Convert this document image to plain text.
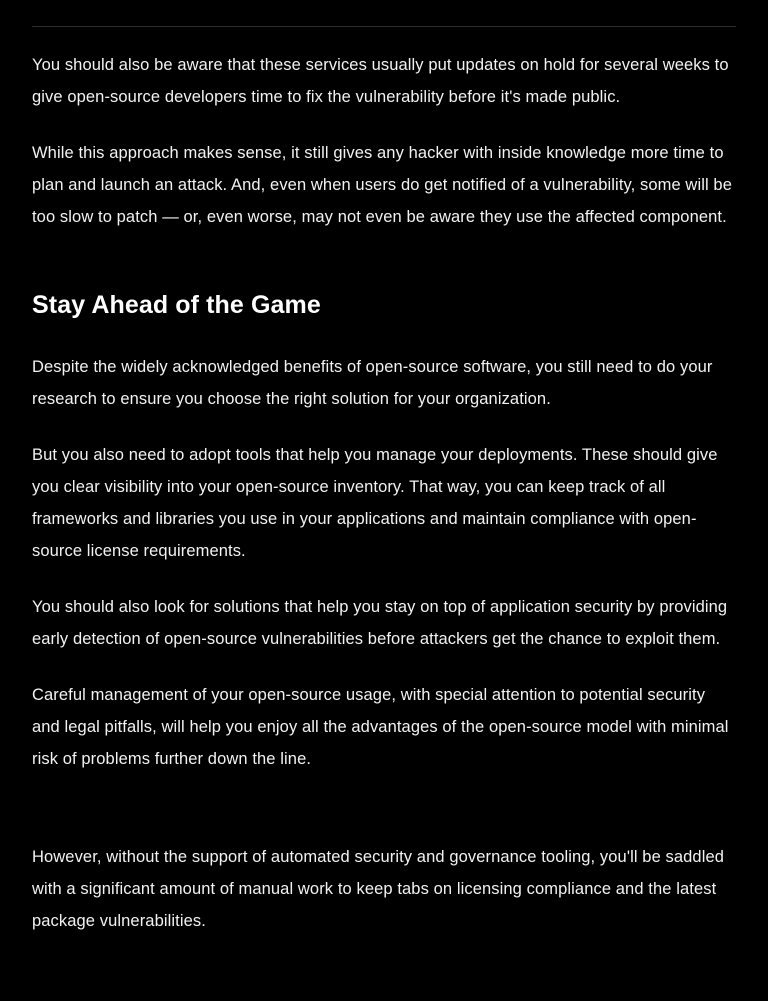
You should also be aware that these services usually put updates on hold for several weeks to give open-source developers time to fix the vulnerability before it's made public.

While this approach makes sense, it still gives any hacker with inside knowledge more time to plan and launch an attack. And, even when users do get notified of a vulnerability, some will be too slow to patch — or, even worse, may not even be aware they use the affected component.

Stay Ahead of the Game

Despite the widely acknowledged benefits of open-source software, you still need to do your research to ensure you choose the right solution for your organization.

But you also need to adopt tools that help you manage your deployments. These should give you clear visibility into your open-source inventory. That way, you can keep track of all frameworks and libraries you use in your applications and maintain compliance with open-source license requirements.

You should also look for solutions that help you stay on top of application security by providing early detection of open-source vulnerabilities before attackers get the chance to exploit them.

Careful management of your open-source usage, with special attention to potential security and legal pitfalls, will help you enjoy all the advantages of the open-source model with minimal risk of problems further down the line.

However, without the support of automated security and governance tooling, you'll be saddled with a significant amount of manual work to keep tabs on licensing compliance and the latest package vulnerabilities.
